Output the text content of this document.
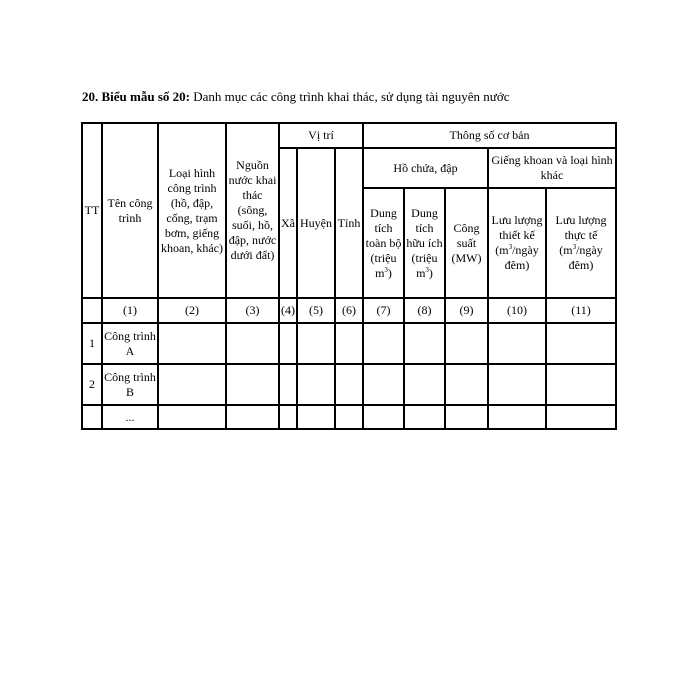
20. Biểu mẫu số 20: Danh mục các công trình khai thác, sử dụng tài nguyên nước
TT	Tên công trình	Loại hình công trình (hồ, đập, cống, trạm bơm, giếng khoan, khác)	Nguồn nước khai thác (sông, suối, hồ, đập, nước dưới đất)	Vị trí			Thông số cơ bản				
				Xã	Huyện	Tỉnh	Hồ chứa, đập			Giếng khoan và loại hình khác	
							Dung tích toàn bộ (triệu $m^3$)	Dung tích hữu ích (triệu $m^3$)	Công suất (MW)	Lưu lượng thiết kế ($m^3$/ngày đêm)	Lưu lượng thực tế ($m^3$/ngày đêm)

	(1)	(2)	(3)	(4)	(5)	(6)	(7)	(8)	(9)	(10)	(11)
1	Công trình A										
2	Công trình B										
	...										
